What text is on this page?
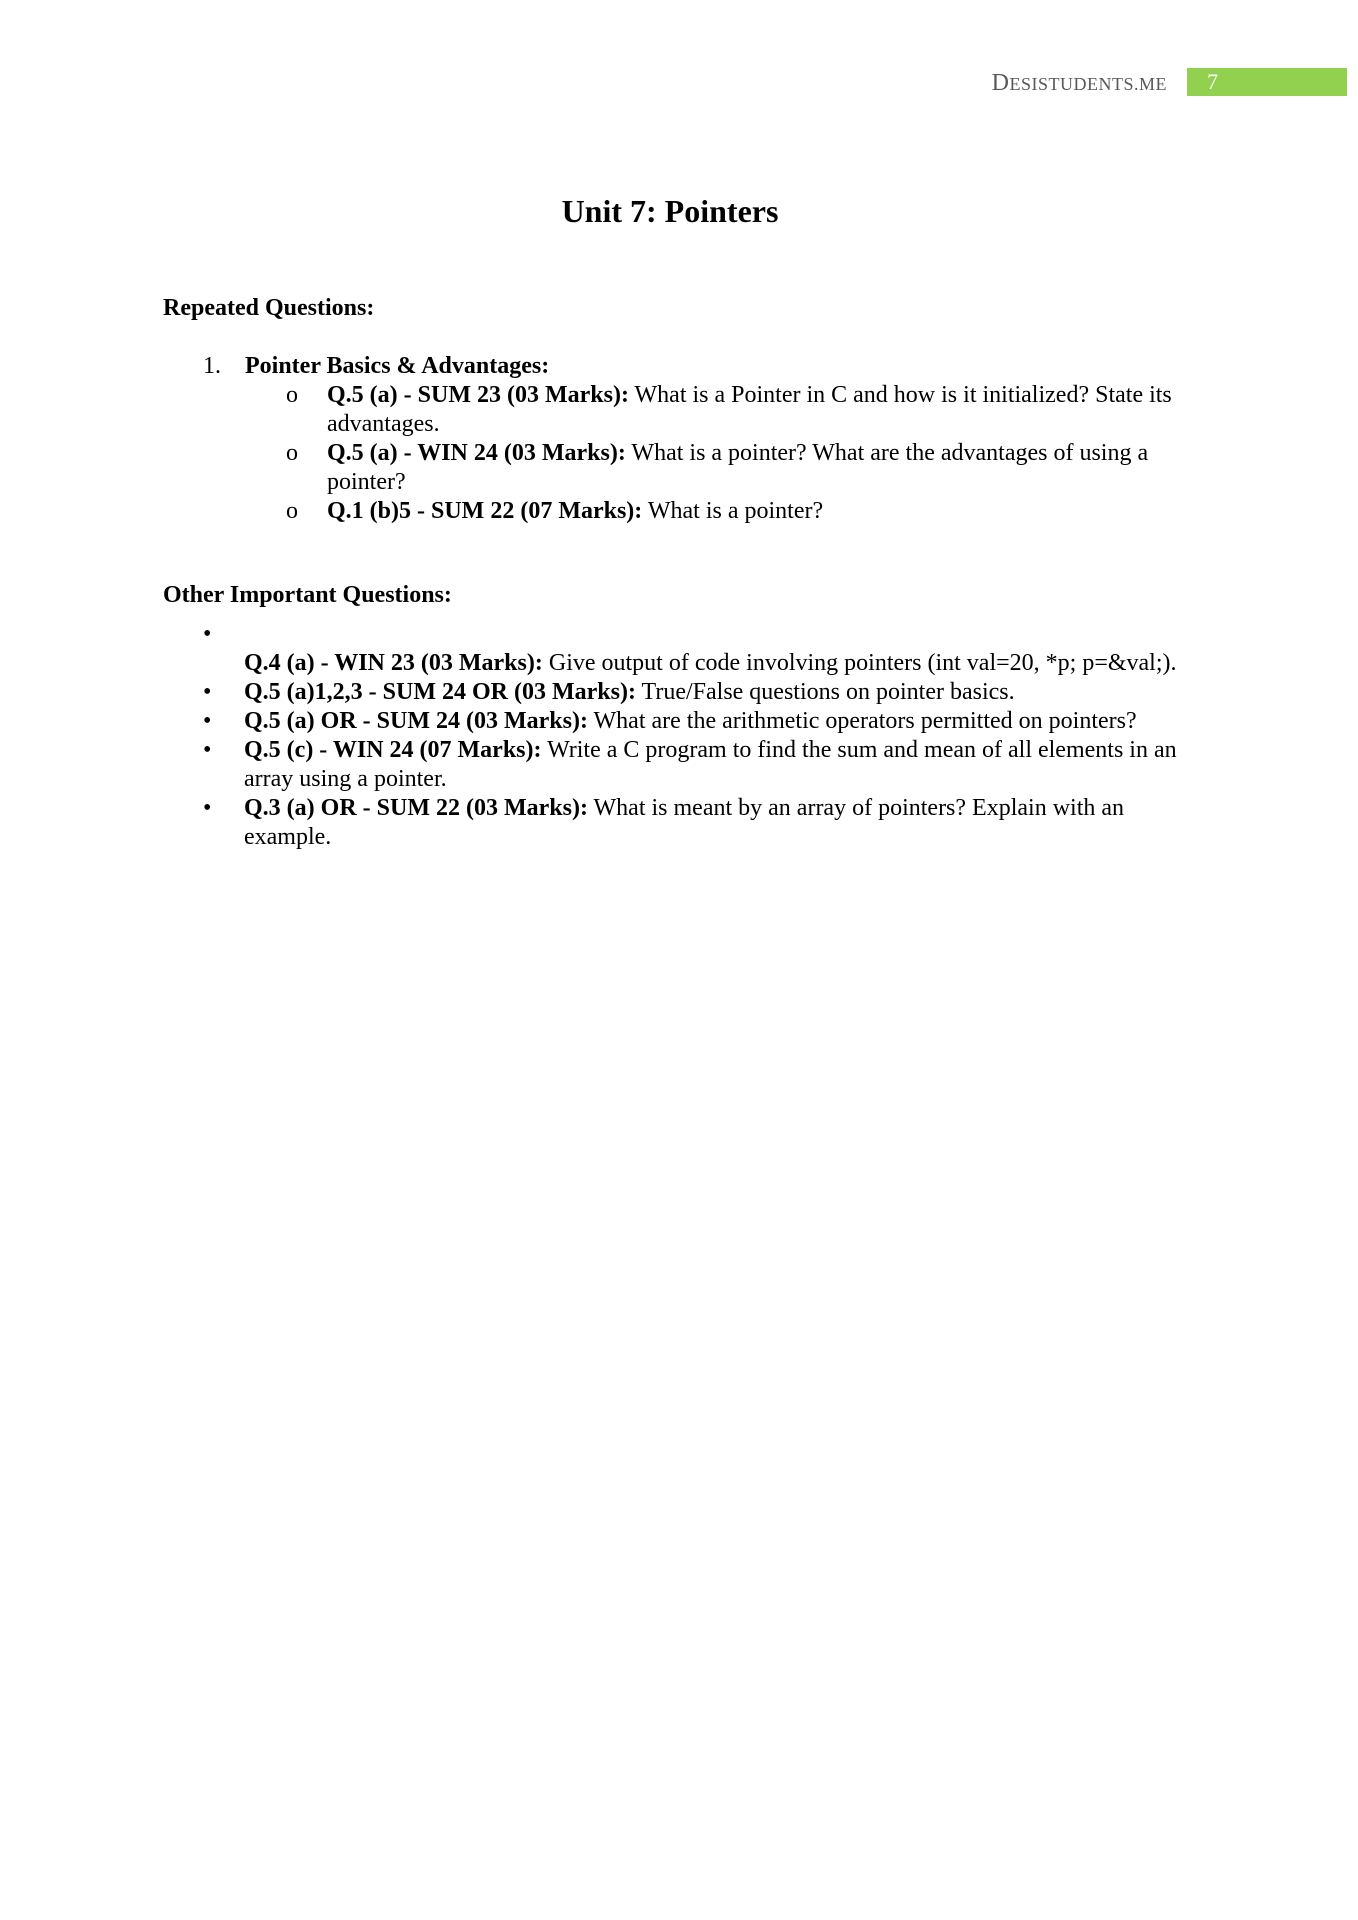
DESISTUDENTS.ME	7
Unit 7: Pointers
Repeated Questions:
1. Pointer Basics & Advantages:
o Q.5 (a) - SUM 23 (03 Marks): What is a Pointer in C and how is it initialized? State its advantages.
o Q.5 (a) - WIN 24 (03 Marks): What is a pointer? What are the advantages of using a pointer?
o Q.1 (b)5 - SUM 22 (07 Marks): What is a pointer?
Other Important Questions:
•
Q.4 (a) - WIN 23 (03 Marks): Give output of code involving pointers (int val=20, *p; p=&val;).
• Q.5 (a)1,2,3 - SUM 24 OR (03 Marks): True/False questions on pointer basics.
• Q.5 (a) OR - SUM 24 (03 Marks): What are the arithmetic operators permitted on pointers?
• Q.5 (c) - WIN 24 (07 Marks): Write a C program to find the sum and mean of all elements in an array using a pointer.
• Q.3 (a) OR - SUM 22 (03 Marks): What is meant by an array of pointers? Explain with an example.
